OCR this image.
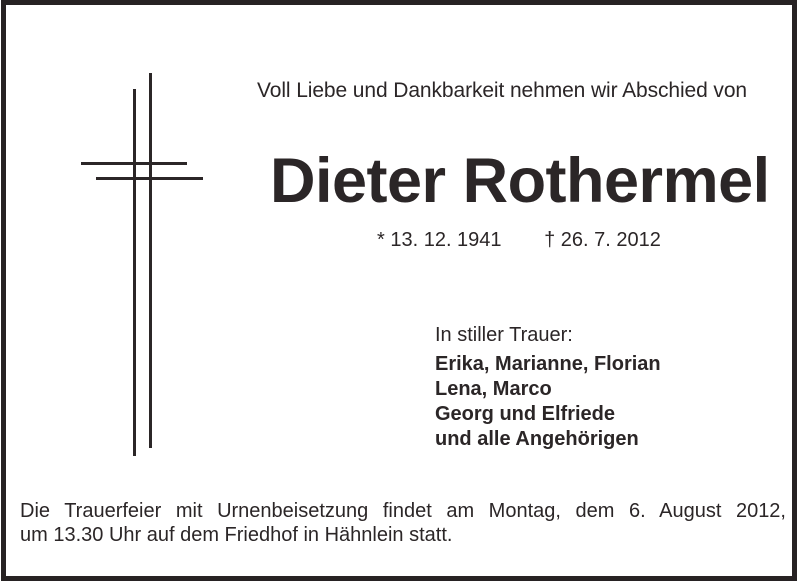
Voll Liebe und Dankbarkeit nehmen wir Abschied von
Dieter Rothermel
* 13. 12. 1941 † 26. 7. 2012
In stiller Trauer:
Erika, Marianne, Florian
Lena, Marco
Georg und Elfriede
und alle Angehörigen
Die Trauerfeier mit Urnenbeisetzung findet am Montag, dem 6. August 2012,
um 13.30 Uhr auf dem Friedhof in Hähnlein statt.
